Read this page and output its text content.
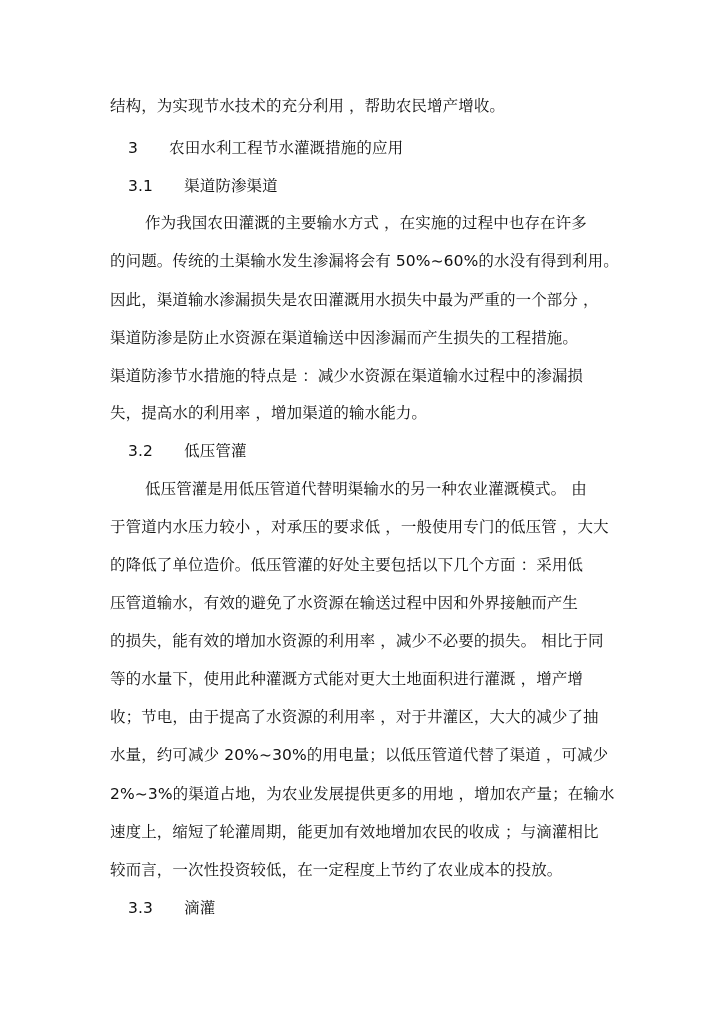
结构，为实现节水技术的充分利用 ，帮助农民增产增收。
3　　农田水利工程节水灌溉措施的应用
3.1　　渠道防渗渠道
作为我国农田灌溉的主要输水方式 ，在实施的过程中也存在许多
的问题。传统的土渠输水发生渗漏将会有 50%~60%的水没有得到利用。
因此，渠道输水渗漏损失是农田灌溉用水损失中最为严重的一个部分 ，
渠道防渗是防止水资源在渠道输送中因渗漏而产生损失的工程措施。
渠道防渗节水措施的特点是 ：减少水资源在渠道输水过程中的渗漏损
失，提高水的利用率 ，增加渠道的输水能力。
3.2　　低压管灌
低压管灌是用低压管道代替明渠输水的另一种农业灌溉模式。 由
于管道内水压力较小 ，对承压的要求低 ，一般使用专门的低压管 ，大大
的降低了单位造价。低压管灌的好处主要包括以下几个方面 ：采用低
压管道输水，有效的避免了水资源在输送过程中因和外界接触而产生
的损失，能有效的增加水资源的利用率 ，减少不必要的损失。 相比于同
等的水量下，使用此种灌溉方式能对更大土地面积进行灌溉 ，增产增
收；节电，由于提高了水资源的利用率 ，对于井灌区，大大的减少了抽
水量，约可减少 20%~30%的用电量；以低压管道代替了渠道 ，可减少
2%~3%的渠道占地，为农业发展提供更多的用地 ，增加农产量；在输水
速度上，缩短了轮灌周期，能更加有效地增加农民的收成 ；与滴灌相比
较而言，一次性投资较低，在一定程度上节约了农业成本的投放。
3.3　　滴灌
